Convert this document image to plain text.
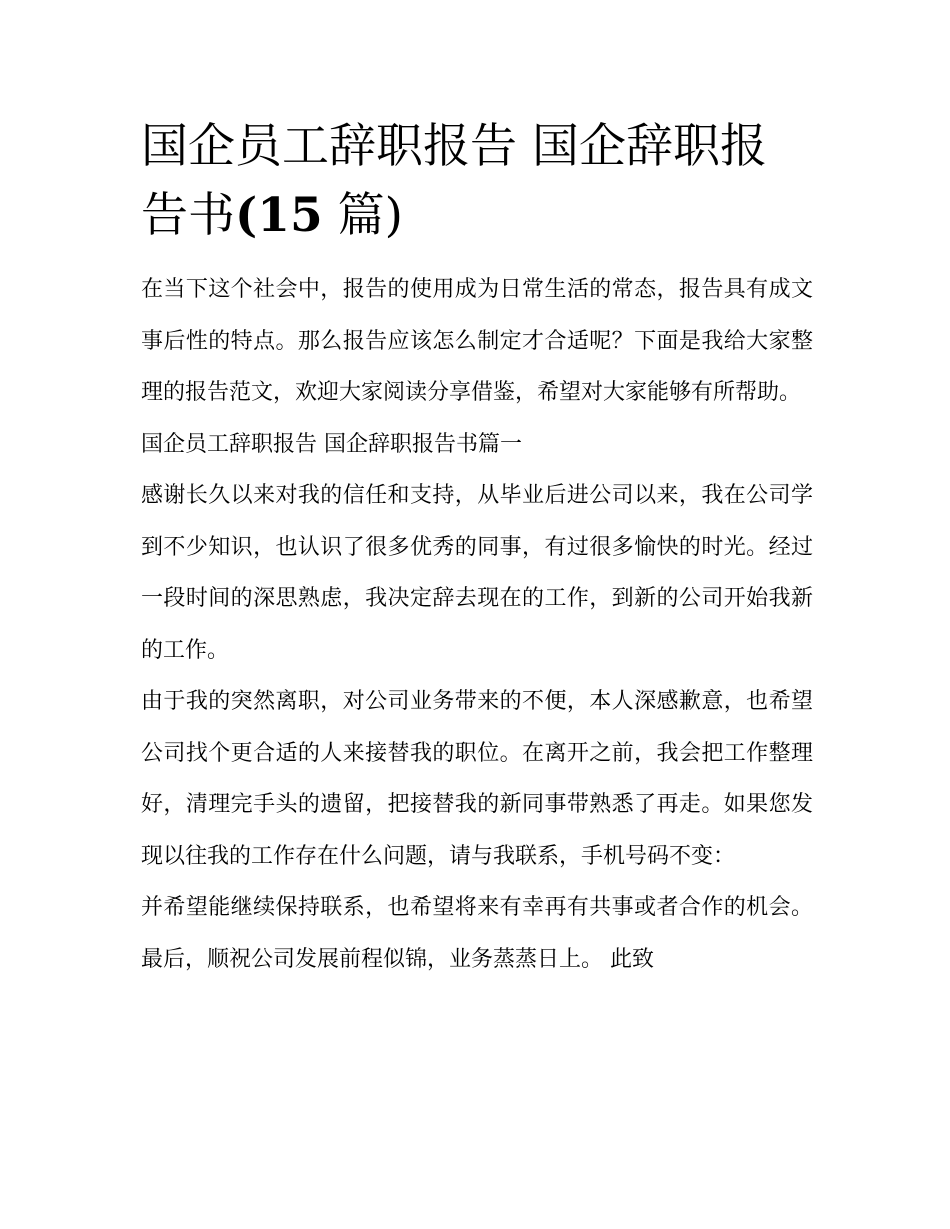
国企员工辞职报告 国企辞职报告书(15 篇)

在当下这个社会中，报告的使用成为日常生活的常态，报告具有成文事后性的特点。那么报告应该怎么制定才合适呢？下面是我给大家整理的报告范文，欢迎大家阅读分享借鉴，希望对大家能够有所帮助。

国企员工辞职报告 国企辞职报告书篇一

感谢长久以来对我的信任和支持，从毕业后进公司以来，我在公司学到不少知识，也认识了很多优秀的同事，有过很多愉快的时光。经过一段时间的深思熟虑，我决定辞去现在的工作，到新的公司开始我新的工作。

由于我的突然离职，对公司业务带来的不便，本人深感歉意，也希望公司找个更合适的人来接替我的职位。在离开之前，我会把工作整理好，清理完手头的遗留，把接替我的新同事带熟悉了再走。如果您发现以往我的工作存在什么问题，请与我联系，手机号码不变：

并希望能继续保持联系，也希望将来有幸再有共事或者合作的机会。 最后，顺祝公司发展前程似锦，业务蒸蒸日上。 此致
